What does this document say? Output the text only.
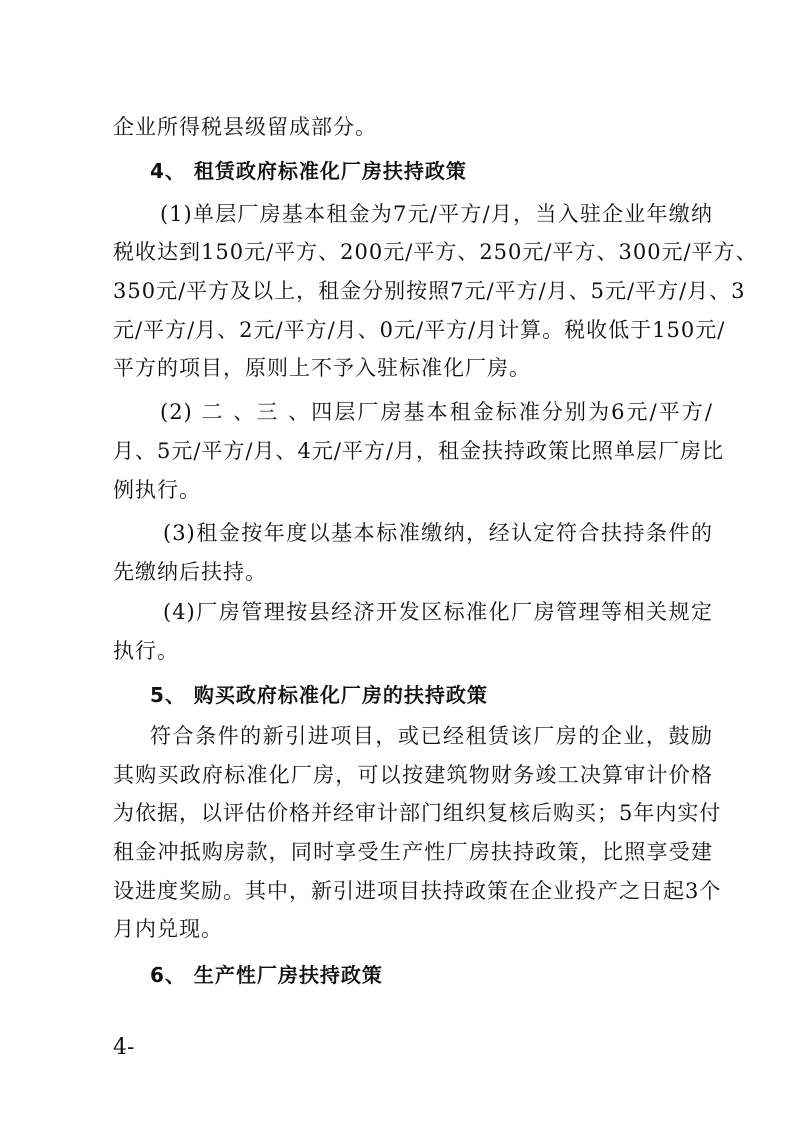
企业所得税县级留成部分。
4、 租赁政府标准化厂房扶持政策
(1)单层厂房基本租金为7元/平方/月，当入驻企业年缴纳
税收达到150元/平方、200元/平方、250元/平方、300元/平方、
350元/平方及以上，租金分别按照7元/平方/月、5元/平方/月、3
元/平方/月、2元/平方/月、0元/平方/月计算。税收低于150元/
平方的项目，原则上不予入驻标准化厂房。
(2) 二 、三 、四层厂房基本租金标准分别为6元/平方/
月、5元/平方/月、4元/平方/月，租金扶持政策比照单层厂房比
例执行。
(3)租金按年度以基本标准缴纳，经认定符合扶持条件的
先缴纳后扶持。
(4)厂房管理按县经济开发区标准化厂房管理等相关规定
执行。
5、 购买政府标准化厂房的扶持政策
符合条件的新引进项目，或已经租赁该厂房的企业，鼓励
其购买政府标准化厂房，可以按建筑物财务竣工决算审计价格
为依据，以评估价格并经审计部门组织复核后购买；5年内实付
租金冲抵购房款，同时享受生产性厂房扶持政策，比照享受建
设进度奖励。其中，新引进项目扶持政策在企业投产之日起3个
月内兑现。
6、 生产性厂房扶持政策
4-
